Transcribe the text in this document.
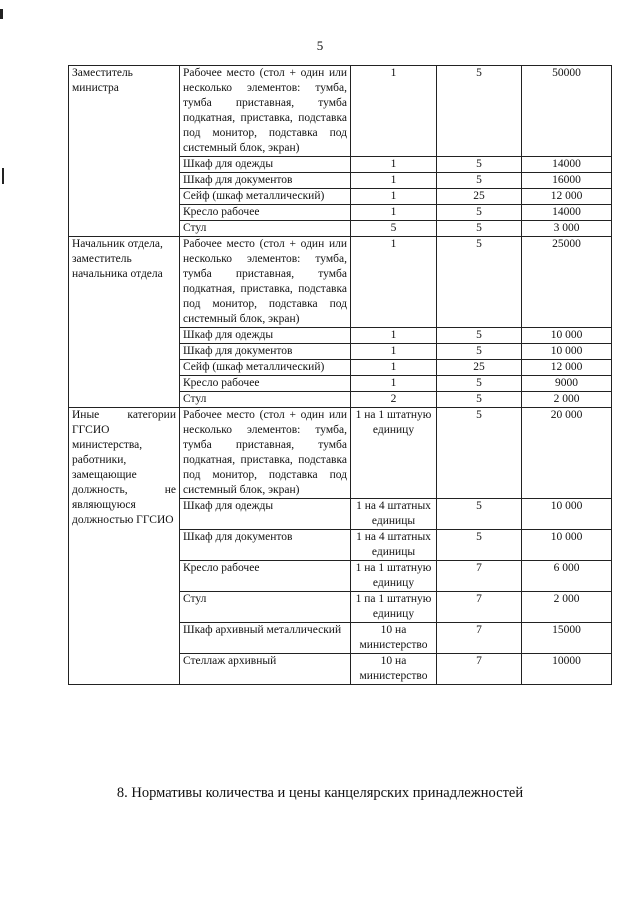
5
Заместитель министра	Рабочее место (стол + один или несколько элементов: тумба, тумба приставная, тумба подкатная, приставка, подставка под монитор, подставка под системный блок, экран)	1	5	50000
	Шкаф для одежды	1	5	14000
	Шкаф для документов	1	5	16000
	Сейф (шкаф металлический)	1	25	12 000
	Кресло рабочее	1	5	14000
	Стул	5	5	3 000
Начальник отдела, заместитель начальника отдела	Рабочее место (стол + один или несколько элементов: тумба, тумба приставная, тумба подкатная, приставка, подставка под монитор, подставка под системный блок, экран)	1	5	25000
	Шкаф для одежды	1	5	10 000
	Шкаф для документов	1	5	10 000
	Сейф (шкаф металлический)	1	25	12 000
	Кресло рабочее	1	5	9000
	Стул	2	5	2 000
Иные категории ГГСИО министерства, работники, замещающие должность, не являющуюся должностью ГГСИО	Рабочее место (стол + один или несколько элементов: тумба, тумба приставная, тумба подкатная, приставка, подставка под монитор, подставка под системный блок, экран)	1 на 1 штатную единицу	5	20 000
	Шкаф для одежды	1 на 4 штатных единицы	5	10 000
	Шкаф для документов	1 на 4 штатных единицы	5	10 000
	Кресло рабочее	1 на 1 штатную единицу	7	6 000
	Стул	1 па 1 штатную единицу	7	2 000
	Шкаф архивный металлический	10 на министерство	7	15000
	Стеллаж архивный	10 на министерство	7	10000
8. Нормативы количества и цены канцелярских принадлежностей
